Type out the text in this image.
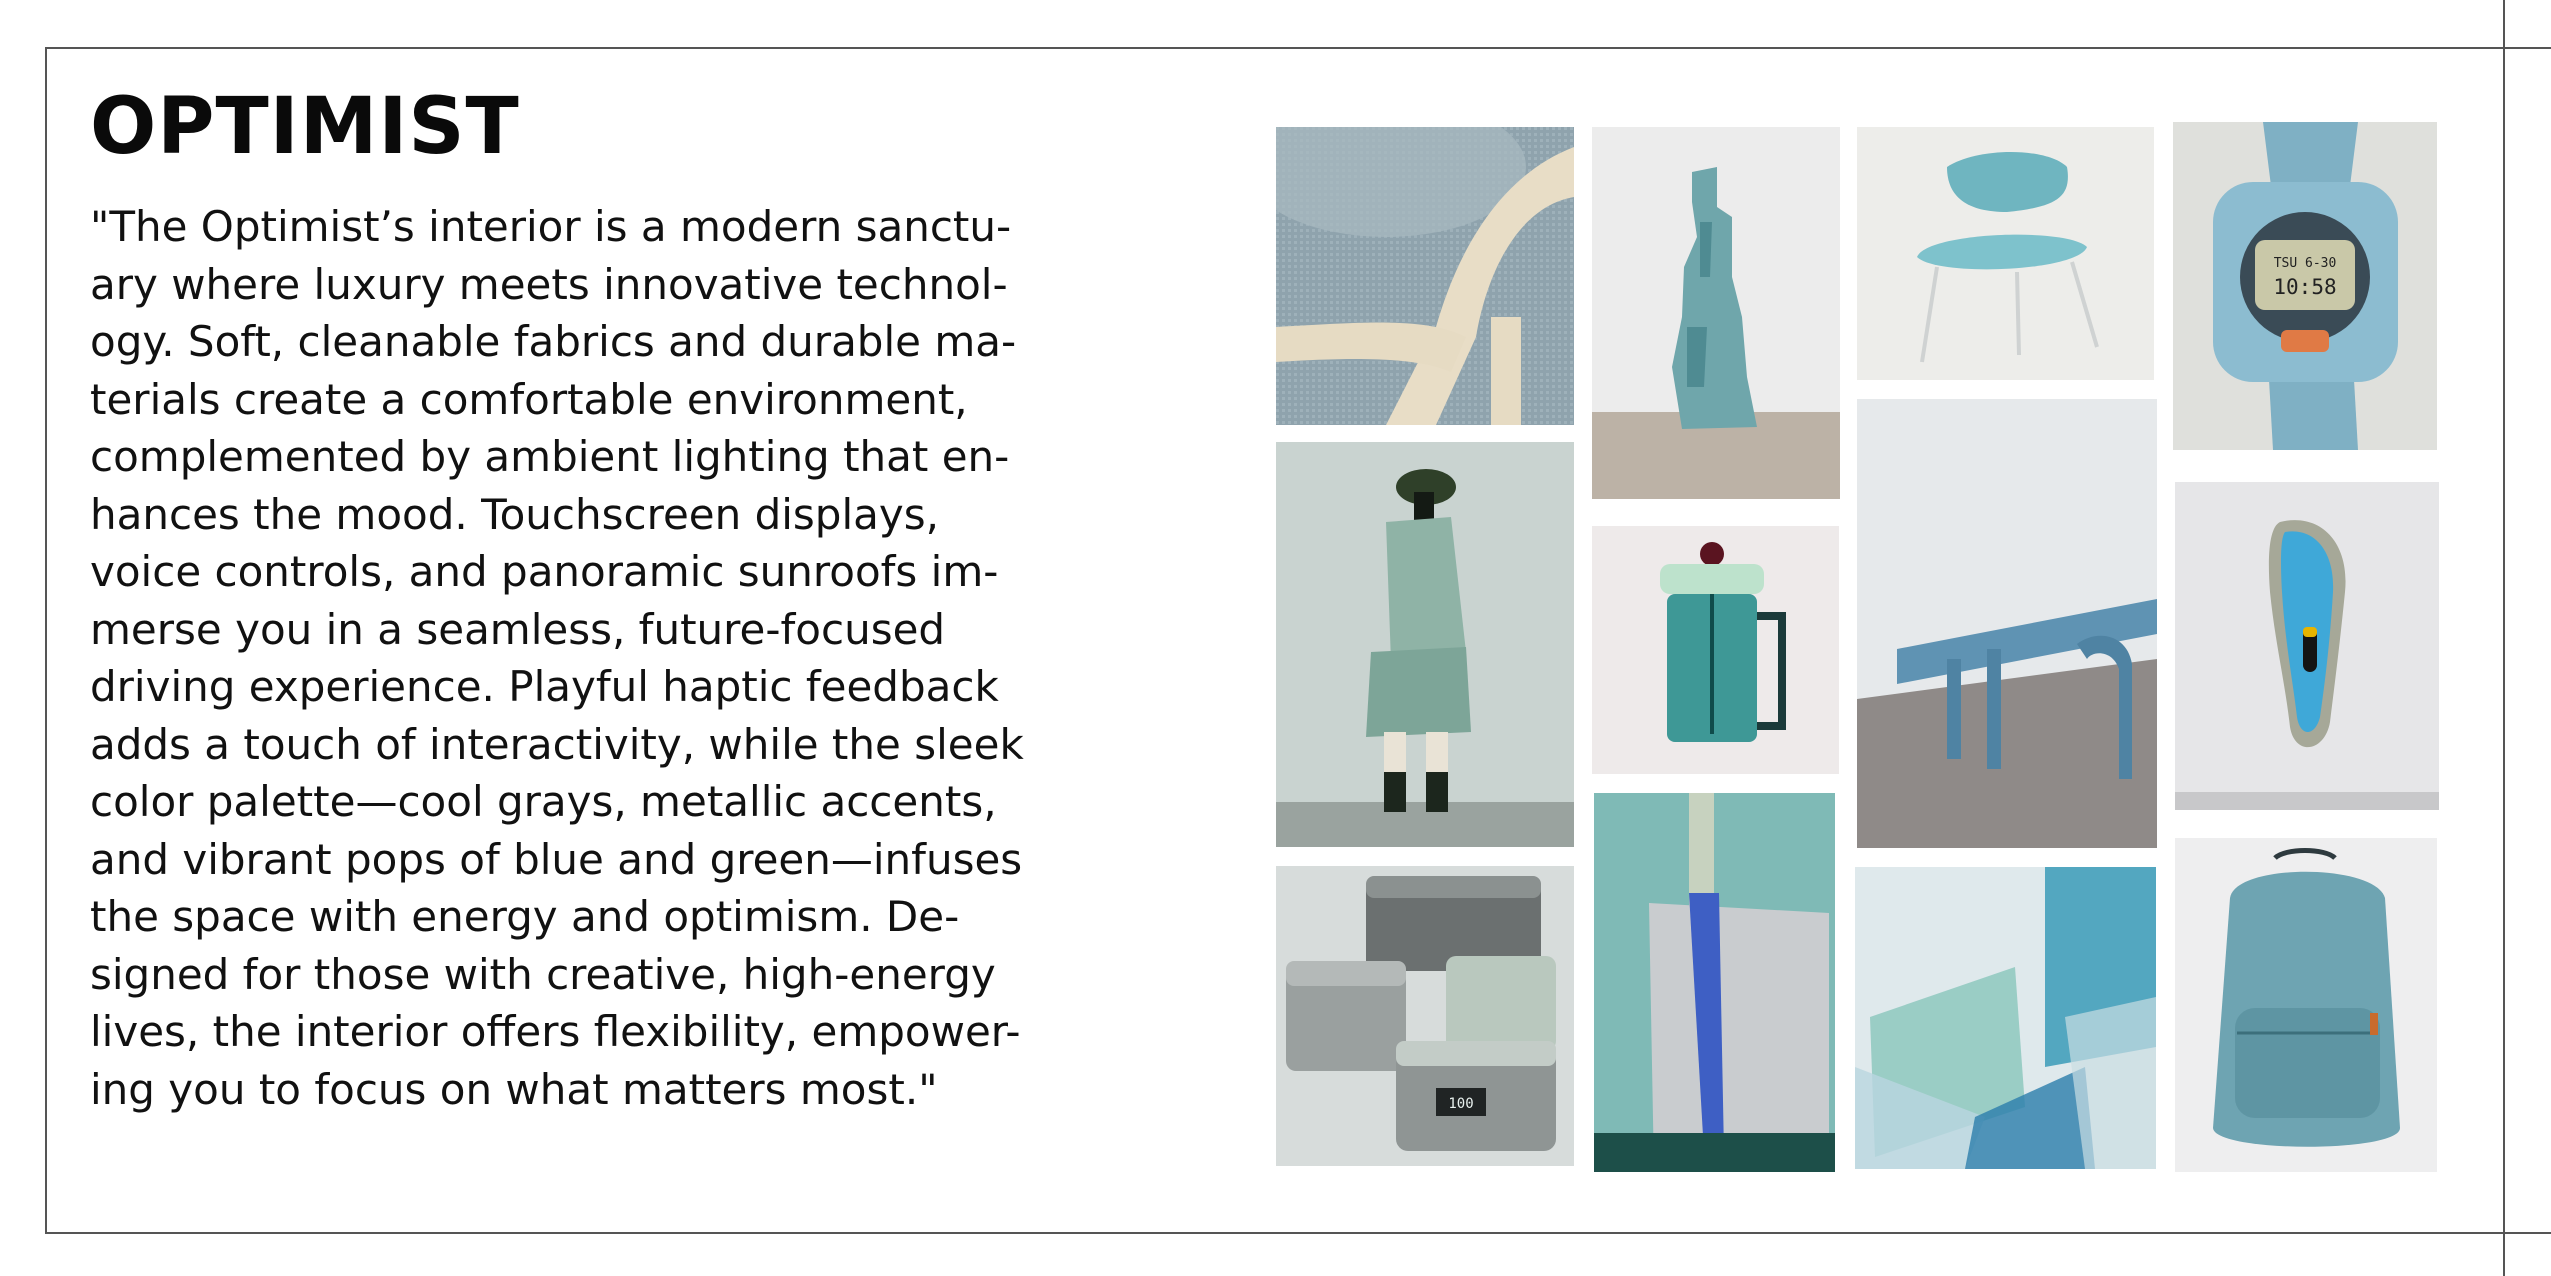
OPTIMIST
"The Optimist’s interior is a modern sanctu-
ary where luxury meets innovative technol-
ogy. Soft, cleanable fabrics and durable ma-
terials create a comfortable environment,
complemented by ambient lighting that en-
hances the mood. Touchscreen displays,
voice controls, and panoramic sunroofs im-
merse you in a seamless, future-focused
driving experience. Playful haptic feedback
adds a touch of interactivity, while the sleek
color palette—cool grays, metallic accents,
and vibrant pops of blue and green—infuses
the space with energy and optimism. De-
signed for those with creative, high-energy
lives, the interior offers flexibility, empower-
ing you to focus on what matters most."	100
TSU 6-30
10:58
